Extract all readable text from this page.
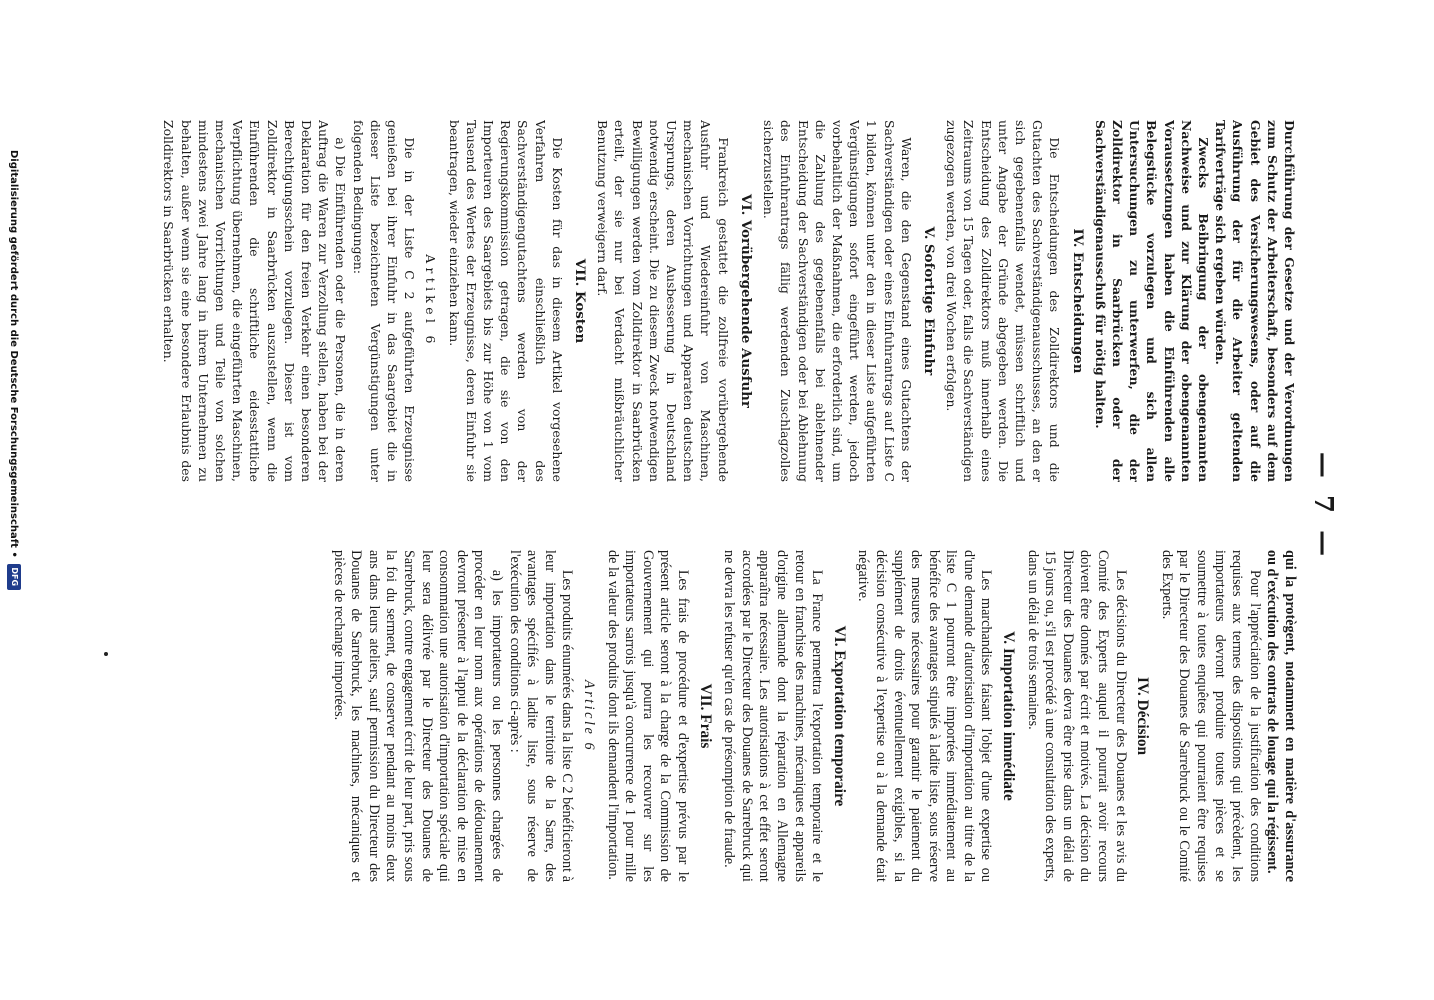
— 7 —

Durchführung der Gesetze und der Verordnungen zum Schutz der Arbeiterschaft, besonders auf dem Gebiet des Versicherungswesens, oder auf die Ausführung der für die Arbeiter geltenden Tarifverträge sich ergeben würden.

Zwecks Beibringung der obengenannten Nachweise und zur Klärung der obengenannten Voraussetzungen haben die Einführenden alle Belegstücke vorzulegen und sich allen Untersuchungen zu unterwerfen, die der Zolldirektor in Saarbrücken oder der Sachverständigenausschuß für nötig halten.

IV. Entscheidungen

Die Entscheidungen des Zolldirektors und die Gutachten des Sachverständigenausschusses, an den er sich gegebenenfalls wendet, müssen schriftlich und unter Angabe der Gründe abgegeben werden. Die Entscheidung des Zolldirektors muß innerhalb eines Zeitraums von 15 Tagen oder, falls die Sachverständigen zugezogen werden, von drei Wochen erfolgen.

V. Sofortige Einfuhr

Waren, die den Gegenstand eines Gutachtens der Sachverständigen oder eines Einfuhrantrags auf Liste C 1 bilden, können unter den in dieser Liste aufgeführten Vergünstigungen sofort eingeführt werden, jedoch vorbehaltlich der Maßnahmen, die erforderlich sind, um die Zahlung des gegebenenfalls bei ablehnender Entscheidung der Sachverständigen oder bei Ablehnung des Einfuhrantrags fällig werdenden Zuschlagzolles sicherzustellen.

VI. Vorübergehende Ausfuhr

Frankreich gestattet die zollfreie vorübergehende Ausfuhr und Wiedereinfuhr von Maschinen, mechanischen Vorrichtungen und Apparaten deutschen Ursprungs, deren Ausbesserung in Deutschland notwendig erscheint. Die zu diesem Zweck notwendigen Bewilligungen werden vom Zolldirektor in Saarbrücken erteilt, der sie nur bei Verdacht mißbräuchlicher Benutzung verweigern darf.

VII. Kosten

Die Kosten für das in diesem Artikel vorgesehene Verfahren einschließlich des Sachverständigengutachtens werden von der Regierungskommission getragen, die sie von den Importeuren des Saargebiets bis zur Höhe von 1 vom Tausend des Wertes der Erzeugnisse, deren Einfuhr sie beantragen, wieder einziehen kann.

Artikel 6

Die in der Liste C 2 aufgeführten Erzeugnisse genießen bei ihrer Einfuhr in das Saargebiet die in dieser Liste bezeichneten Vergünstigungen unter folgenden Bedingungen:

a) Die Einführenden oder die Personen, die in deren Auftrag die Waren zur Verzollung stellen, haben bei der Deklaration für den freien Verkehr einen besonderen Berechtigungsschein vorzulegen. Dieser ist vom Zolldirektor in Saarbrücken auszustellen, wenn die Einführenden die schriftliche eidesstattliche Verpflichtung übernehmen, die eingeführten Maschinen, mechanischen Vorrichtungen und Teile von solchen mindestens zwei Jahre lang in ihrem Unternehmen zu behalten, außer wenn sie eine besondere Erlaubnis des Zolldirektors in Saarbrücken erhalten.

qui la protègent, notamment en matière d'assurance ou d'exécution des contrats de louage qui la régissent.

Pour l'appréciation de la justification des conditions requises aux termes des dispositions qui précèdent, les importateurs devront produire toutes pièces et se soumettre à toutes enquêtes qui pourraient être requises par le Directeur des Douanes de Sarrebruck ou le Comité des Experts.

IV. Décision

Les décisions du Directeur des Douanes et les avis du Comité des Experts auquel il pourrait avoir recours doivent être donnés par écrit et motivés. La décision du Directeur des Douanes devra être prise dans un délai de 15 jours ou, s'il est procédé à une consultation des experts, dans un délai de trois semaines.

V. Importation immédiate

Les marchandises faisant l'objet d'une expertise ou d'une demande d'autorisation d'importation au titre de la liste C 1 pourront être importées immédiatement au bénéfice des avantages stipulés à ladite liste, sous réserve des mesures nécessaires pour garantir le paiement du supplément de droits éventuellement exigibles, si la décision consécutive à l'expertise ou à la demande était négative.

VI. Exportation temporaire

La France permettra l'exportation temporaire et le retour en franchise des machines, mécaniques et appareils d'origine allemande dont la réparation en Allemagne apparaîtra nécessaire. Les autorisations à cet effet seront accordées par le Directeur des Douanes de Sarrebruck qui ne devra les refuser qu'en cas de présomption de fraude.

VII. Frais

Les frais de procédure et d'expertise prévus par le présent article seront à la charge de la Commission de Gouvernement qui pourra les recouvrer sur les importateurs sarrois jusqu'à concurrence de 1 pour mille de la valeur des produits dont ils demandent l'importation.

Article 6

Les produits énumérés dans la liste C 2 bénéficieront à leur importation dans le territoire de la Sarre, des avantages spécifiés à ladite liste, sous réserve de l'exécution des conditions ci-après :

a) les importateurs ou les personnes chargées de procéder en leur nom aux opérations de dédouanement devront présenter à l'appui de la déclaration de mise en consommation une autorisation d'importation spéciale qui leur sera délivrée par le Directeur des Douanes de Sarrebruck, contre engagement écrit de leur part, pris sous la foi du serment, de conserver pendant au moins deux ans dans leurs ateliers, sauf permission du Directeur des Douanes de Sarrebruck, les machines, mécaniques et pièces de rechange importées.

Digitalisierung gefördert durch die Deutsche Forschungsgemeinschaft •
DFG
